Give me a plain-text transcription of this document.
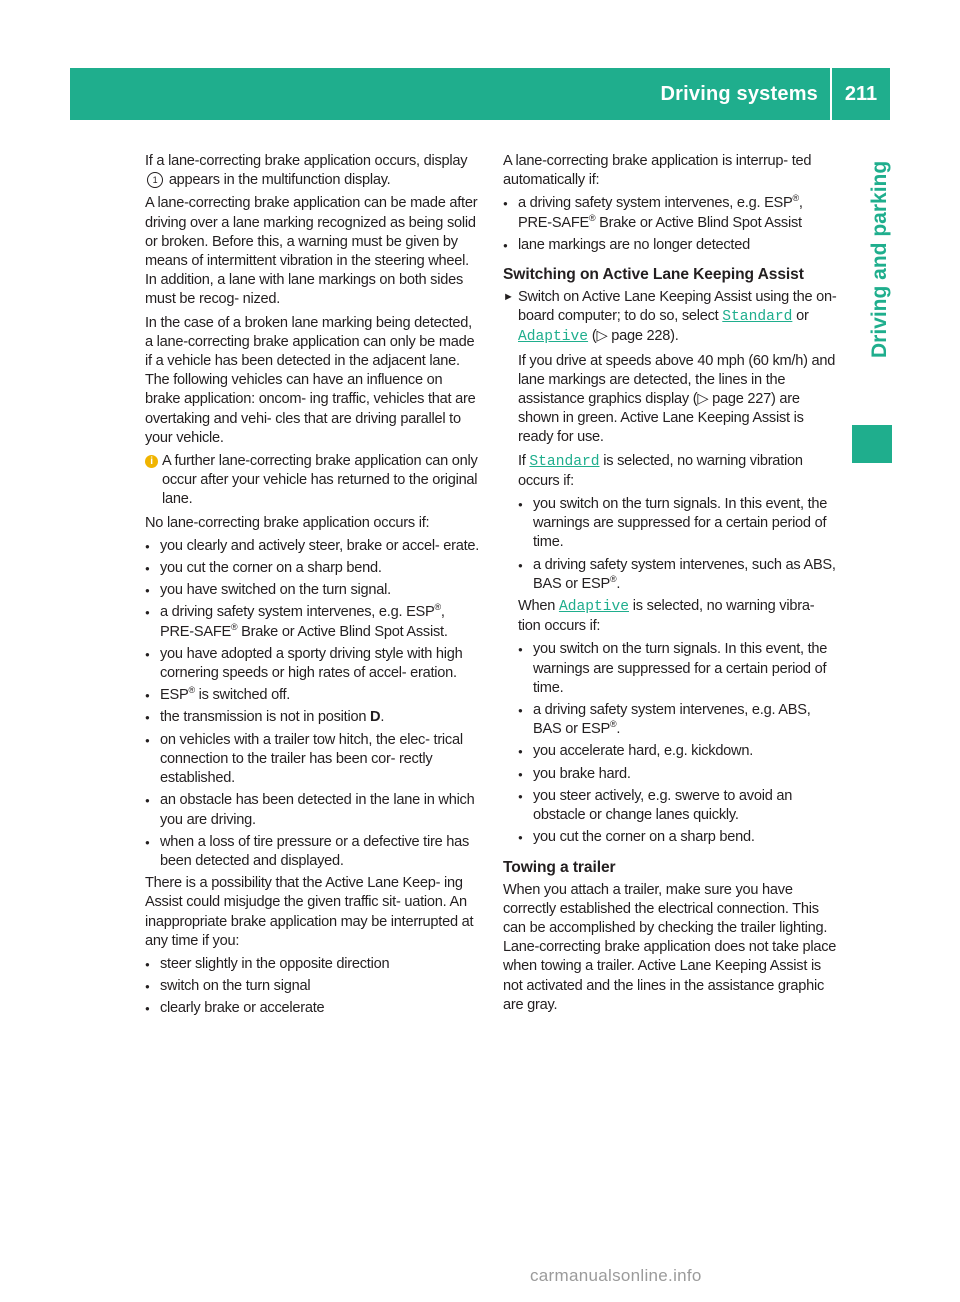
Driving systems	211
Driving and parking

If a lane-correcting brake application occurs, display 1 appears in the multifunction display.

A lane-correcting brake application can be made after driving over a lane marking recognized as being solid or broken. Before this, a warning must be given by means of intermittent vibration in the steering wheel. In addition, a lane with lane markings on both sides must be recog- nized.

In the case of a broken lane marking being detected, a lane-correcting brake application can only be made if a vehicle has been detected in the adjacent lane. The following vehicles can have an influence on brake application: oncom- ing traffic, vehicles that are overtaking and vehi- cles that are driving parallel to your vehicle.

i A further lane-correcting brake application can only occur after your vehicle has returned to the original lane.

No lane-correcting brake application occurs if:

● you clearly and actively steer, brake or accel- erate.
● you cut the corner on a sharp bend.
● you have switched on the turn signal.
● a driving safety system intervenes, e.g. ESP®, PRE-SAFE® Brake or Active Blind Spot Assist.
● you have adopted a sporty driving style with high cornering speeds or high rates of accel- eration.
● ESP® is switched off.
● the transmission is not in position D.
● on vehicles with a trailer tow hitch, the elec- trical connection to the trailer has been cor- rectly established.
● an obstacle has been detected in the lane in which you are driving.
● when a loss of tire pressure or a defective tire has been detected and displayed.

There is a possibility that the Active Lane Keep- ing Assist could misjudge the given traffic sit- uation. An inappropriate brake application may be interrupted at any time if you:

● steer slightly in the opposite direction
● switch on the turn signal
● clearly brake or accelerate

A lane-correcting brake application is interrup- ted automatically if:

● a driving safety system intervenes, e.g. ESP®, PRE-SAFE® Brake or Active Blind Spot Assist
● lane markings are no longer detected
Switching on Active Lane Keeping Assist
► Switch on Active Lane Keeping Assist using the on-board computer; to do so, select Standard or Adaptive (▷ page 228).

If you drive at speeds above 40 mph (60 km/h) and lane markings are detected, the lines in the assistance graphics display (▷ page 227) are shown in green. Active Lane Keeping Assist is ready for use.

If Standard is selected, no warning vibration occurs if:

● you switch on the turn signals. In this event, the warnings are suppressed for a certain period of time.
● a driving safety system intervenes, such as ABS, BAS or ESP®.

When Adaptive is selected, no warning vibra- tion occurs if:

● you switch on the turn signals. In this event, the warnings are suppressed for a certain period of time.
● a driving safety system intervenes, e.g. ABS, BAS or ESP®.
● you accelerate hard, e.g. kickdown.
● you brake hard.
● you steer actively, e.g. swerve to avoid an obstacle or change lanes quickly.
● you cut the corner on a sharp bend.
Towing a trailer

When you attach a trailer, make sure you have correctly established the electrical connection. This can be accomplished by checking the trailer lighting. Lane-correcting brake application does not take place when towing a trailer. Active Lane Keeping Assist is not activated and the lines in the assistance graphic are gray.

carmanualsonline.info
